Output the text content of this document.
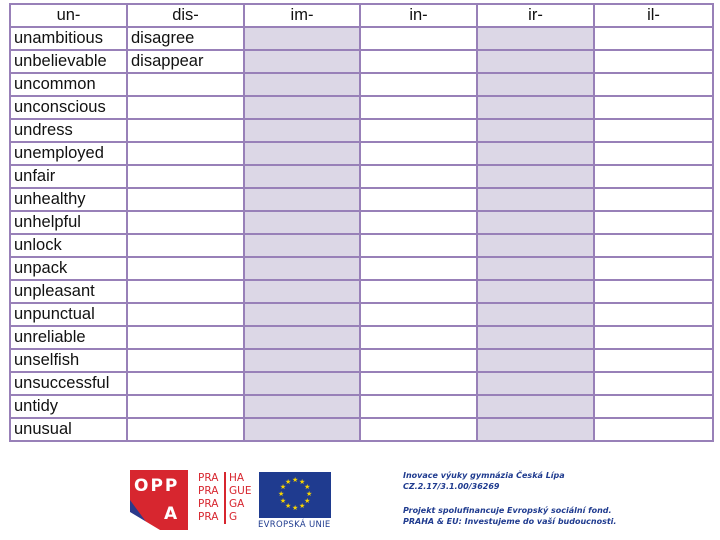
un-	dis-	im-	in-	ir-	il-
unambitious	disagree				
unbelievable	disappear				
uncommon					
unconscious					
undress					
unemployed					
unfair					
unhealthy					
unhelpful					
unlock					
unpack					
unpleasant					
unpunctual					
unreliable					
unselfish					
unsuccessful					
untidy					
unusual					
OPP
A
PRA	HA
PRA	GUE
PRA	GA
PRA	G
★ ★
★
★
★
★
★
★
★
★
★
★
EVROPSKÁ UNIE
Inovace výuky gymnázia Česká Lípa
CZ.2.17/3.1.00/36269
Projekt spolufinancuje Evropský sociální fond.
PRAHA & EU: Investujeme do vaší budoucnosti.
